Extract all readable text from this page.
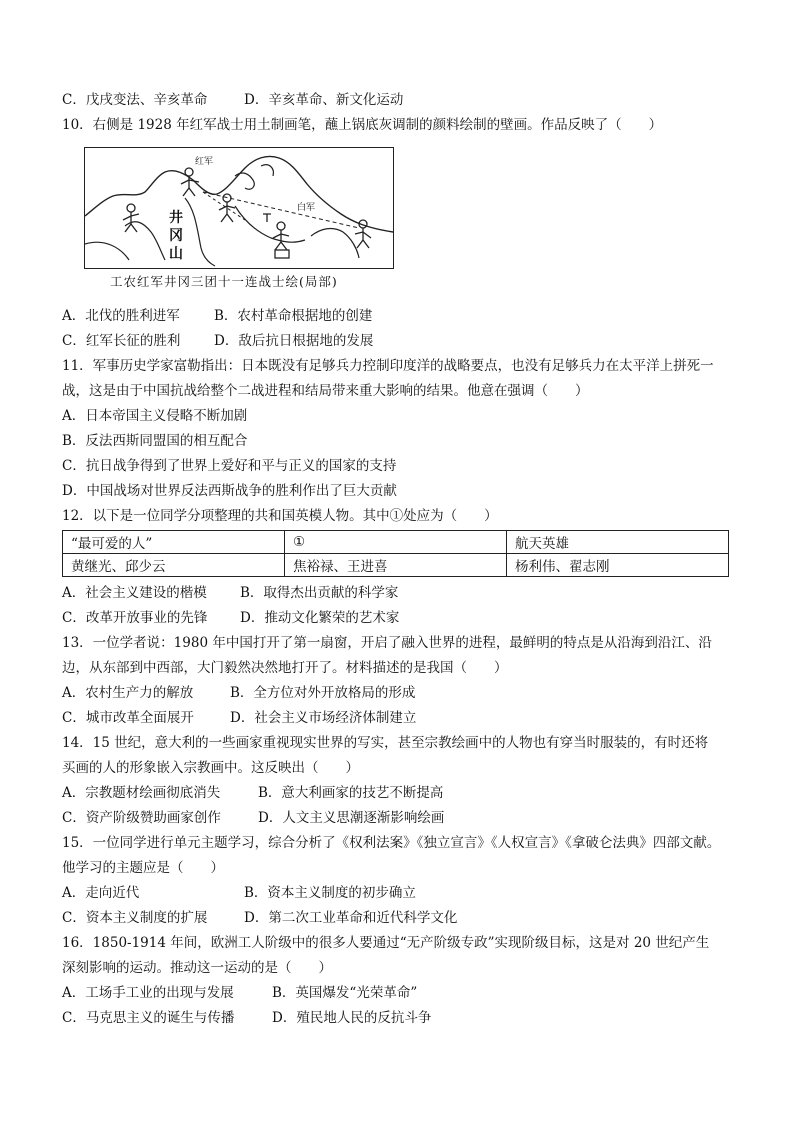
C．戊戌变法、辛亥革命	D．辛亥革命、新文化运动
10．右侧是 1928 年红军战士用土制画笔，蘸上锅底灰调制的颜料绘制的壁画。作品反映了（　　）
红军
白军
井
冈
山
工农红军井冈三团十一连战士绘(局部)
A．北伐的胜利进军	B．农村革命根据地的创建
C．红军长征的胜利 D．敌后抗日根据地的发展
11．军事历史学家富勒指出：日本既没有足够兵力控制印度洋的战略要点，也没有足够兵力在太平洋上拼死一
战，这是由于中国抗战给整个二战进程和结局带来重大影响的结果。他意在强调（　　）
A．日本帝国主义侵略不断加剧
B．反法西斯同盟国的相互配合
C．抗日战争得到了世界上爱好和平与正义的国家的支持
D．中国战场对世界反法西斯战争的胜利作出了巨大贡献
12．以下是一位同学分项整理的共和国英模人物。其中①处应为（　　）
“最可爱的人”	①	航天英雄
黄继光、邱少云	焦裕禄、王进喜	杨利伟、翟志刚
A．社会主义建设的楷模 B．取得杰出贡献的科学家
C．改革开放事业的先锋 D．推动文化繁荣的艺术家
13．一位学者说：1980 年中国打开了第一扇窗，开启了融入世界的进程，最鲜明的特点是从沿海到沿江、沿
边，从东部到中西部，大门毅然决然地打开了。材料描述的是我国（　　）
A．农村生产力的解放	B．全方位对外开放格局的形成
C．城市改革全面展开	D．社会主义市场经济体制建立
14．15 世纪，意大利的一些画家重视现实世界的写实，甚至宗教绘画中的人物也有穿当时服装的，有时还将
买画的人的形象嵌入宗教画中。这反映出（　　）
A．宗教题材绘画彻底消失	B．意大利画家的技艺不断提高
C．资产阶级赞助画家创作	D．人文主义思潮逐渐影响绘画
15．一位同学进行单元主题学习，综合分析了《权利法案》《独立宣言》《人权宣言》《拿破仑法典》四部文献。
他学习的主题应是（　　）
A．走向近代	B．资本主义制度的初步确立
C．资本主义制度的扩展	D．第二次工业革命和近代科学文化
16．1850-1914 年间，欧洲工人阶级中的很多人要通过“无产阶级专政”实现阶级目标，这是对 20 世纪产生
深刻影响的运动。推动这一运动的是（　　）
A．工场手工业的出现与发展	B．英国爆发“光荣革命”
C．马克思主义的诞生与传播	D．殖民地人民的反抗斗争
